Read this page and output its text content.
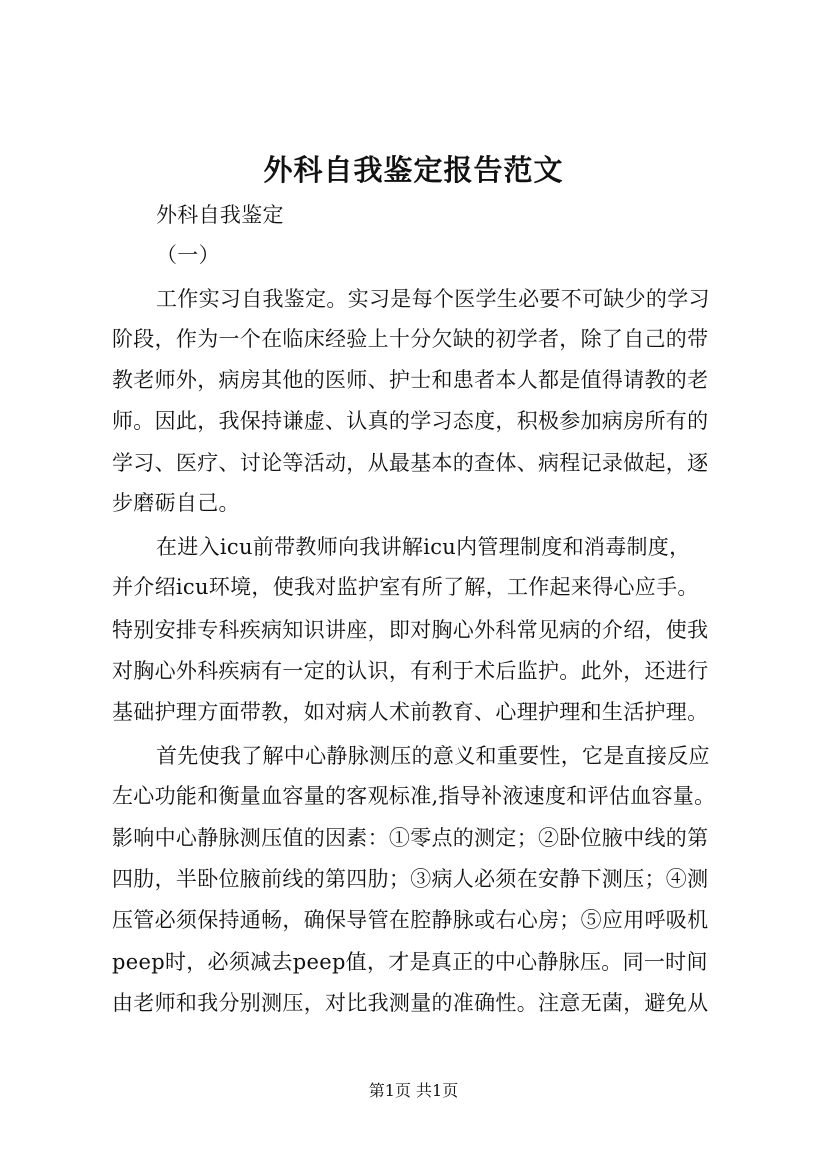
外科自我鉴定报告范文
外科自我鉴定
（一）
工作实习自我鉴定。实习是每个医学生必要不可缺少的学习
阶段，作为一个在临床经验上十分欠缺的初学者，除了自己的带
教老师外，病房其他的医师、护士和患者本人都是值得请教的老
师。因此，我保持谦虚、认真的学习态度，积极参加病房所有的
学习、医疗、讨论等活动，从最基本的查体、病程记录做起，逐
步磨砺自己。
在进入icu前带教师向我讲解icu内管理制度和消毒制度，
并介绍icu环境，使我对监护室有所了解，工作起来得心应手。
特别安排专科疾病知识讲座，即对胸心外科常见病的介绍，使我
对胸心外科疾病有一定的认识，有利于术后监护。此外，还进行
基础护理方面带教，如对病人术前教育、心理护理和生活护理。
首先使我了解中心静脉测压的意义和重要性，它是直接反应
左心功能和衡量血容量的客观标准,指导补液速度和评估血容量。
影响中心静脉测压值的因素：①零点的测定；②卧位腋中线的第
四肋，半卧位腋前线的第四肋；③病人必须在安静下测压；④测
压管必须保持通畅，确保导管在腔静脉或右心房；⑤应用呼吸机
peep时，必须减去peep值，才是真正的中心静脉压。同一时间
由老师和我分别测压，对比我测量的准确性。注意无菌，避免从
第1页 共1页
